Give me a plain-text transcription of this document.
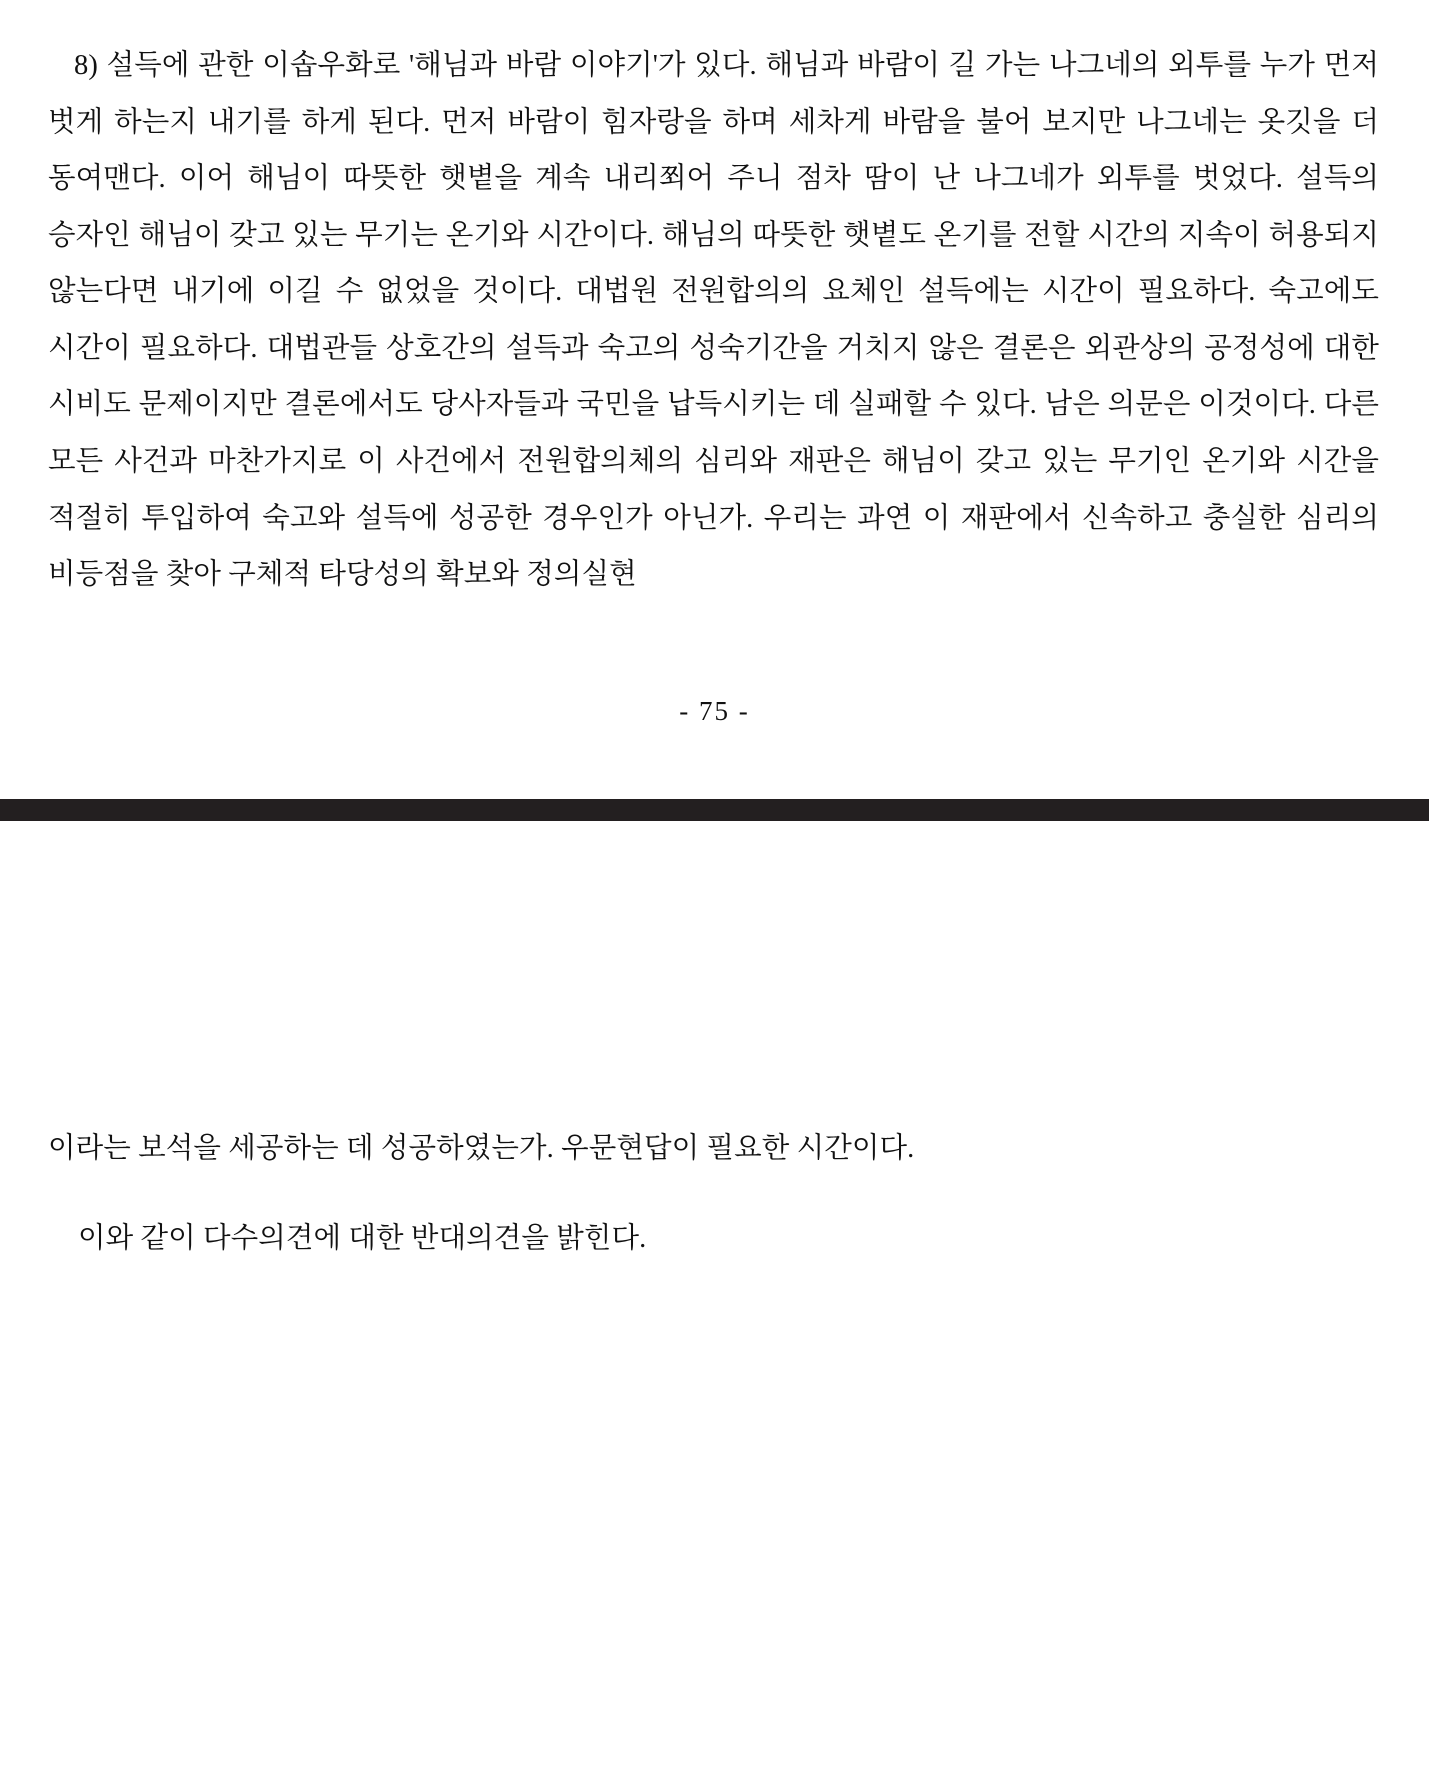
8) 설득에 관한 이솝우화로 '해님과 바람 이야기'가 있다. 해님과 바람이 길 가는 나그네의 외투를 누가 먼저 벗게 하는지 내기를 하게 된다. 먼저 바람이 힘자랑을 하며 세차게 바람을 불어 보지만 나그네는 옷깃을 더 동여맨다. 이어 해님이 따뜻한 햇볕을 계속 내리쬐어 주니 점차 땀이 난 나그네가 외투를 벗었다. 설득의 승자인 해님이 갖고 있는 무기는 온기와 시간이다. 해님의 따뜻한 햇볕도 온기를 전할 시간의 지속이 허용되지 않는다면 내기에 이길 수 없었을 것이다. 대법원 전원합의의 요체인 설득에는 시간이 필요하다. 숙고에도 시간이 필요하다. 대법관들 상호간의 설득과 숙고의 성숙기간을 거치지 않은 결론은 외관상의 공정성에 대한 시비도 문제이지만 결론에서도 당사자들과 국민을 납득시키는 데 실패할 수 있다. 남은 의문은 이것이다. 다른 모든 사건과 마찬가지로 이 사건에서 전원합의체의 심리와 재판은 해님이 갖고 있는 무기인 온기와 시간을 적절히 투입하여 숙고와 설득에 성공한 경우인가 아닌가. 우리는 과연 이 재판에서 신속하고 충실한 심리의 비등점을 찾아 구체적 타당성의 확보와 정의실현

- 75 -

이라는 보석을 세공하는 데 성공하였는가. 우문현답이 필요한 시간이다.

이와 같이 다수의견에 대한 반대의견을 밝힌다.
